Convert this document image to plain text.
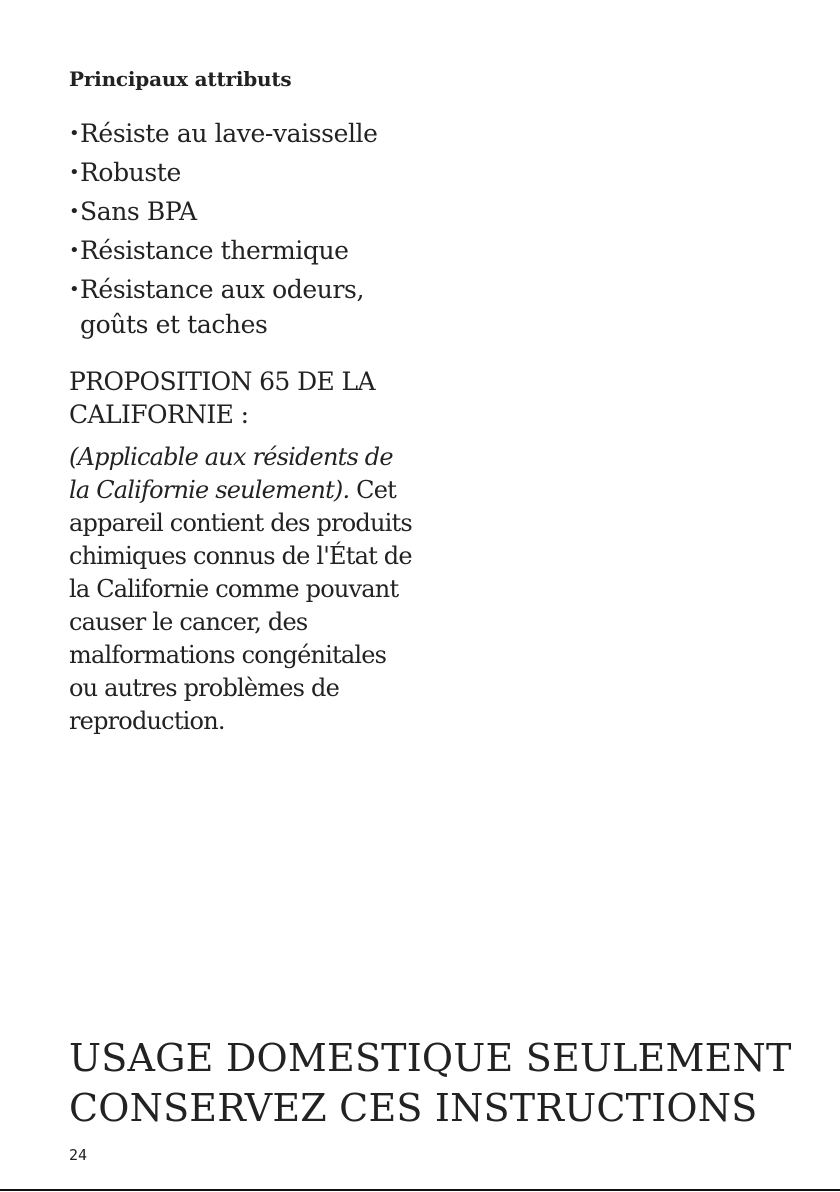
Principaux attributs
• Résiste au lave-vaisselle
• Robuste
• Sans BPA
• Résistance thermique
• Résistance aux odeurs, goûts et taches
PROPOSITION 65 DE LA CALIFORNIE :

(Applicable aux résidents de la Californie seulement). Cet appareil contient des produits chimiques connus de l'État de la Californie comme pouvant causer le cancer, des malformations congénitales ou autres problèmes de reproduction.

USAGE DOMESTIQUE SEULEMENT
CONSERVEZ CES INSTRUCTIONS
24
